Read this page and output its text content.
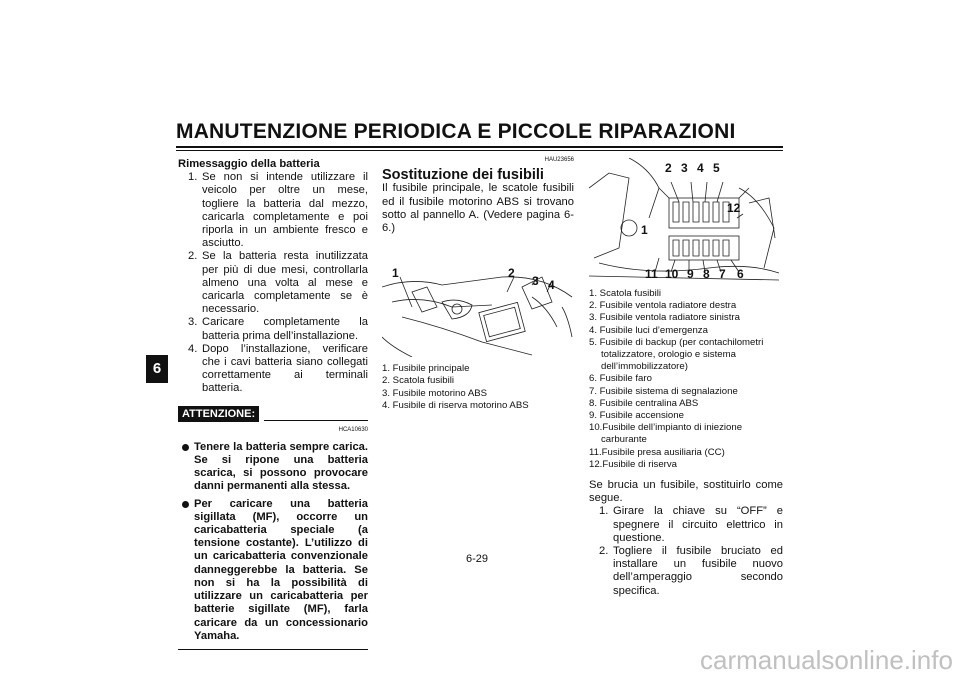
MANUTENZIONE PERIODICA E PICCOLE RIPARAZIONI
6
Rimessaggio della batteria
1. Se non si intende utilizzare il veicolo per oltre un mese, togliere la batteria dal mezzo, caricarla completamente e poi riporla in un ambiente fresco e asciutto.
2. Se la batteria resta inutilizzata per più di due mesi, controllarla almeno una volta al mese e caricarla completamente se è necessario.
3. Caricare completamente la batteria prima dell’installazione.
4. Dopo l’installazione, verificare che i cavi batteria siano collegati correttamente ai terminali batteria.
ATTENZIONE:
HCA10630
Tenere la batteria sempre carica. Se si ripone una batteria scarica, si possono provocare danni permanenti alla stessa.
Per caricare una batteria sigillata (MF), occorre un caricabatteria speciale (a tensione costante). L’utilizzo di un caricabatteria convenzionale danneggerebbe la batteria. Se non si ha la possibilità di utilizzare un caricabatteria per batterie sigillate (MF), farla caricare da un concessionario Yamaha.
HAU23656
Sostituzione dei fusibili
Il fusibile principale, le scatole fusibili ed il fusibile motorino ABS si trovano sotto al pannello A. (Vedere pagina 6-6.)
1	2
3 4
1. Fusibile principale
2. Scatola fusibili
3. Fusibile motorino ABS
4. Fusibile di riserva motorino ABS
2 3 4 5
1
12
11 10 9 8 7 6
1. Scatola fusibili
2. Fusibile ventola radiatore destra
3. Fusibile ventola radiatore sinistra
4. Fusibile luci d’emergenza
5. Fusibile di backup (per contachilometri totalizzatore, orologio e sistema dell’immobilizzatore)
6. Fusibile faro
7. Fusibile sistema di segnalazione
8. Fusibile centralina ABS
9. Fusibile accensione
10.Fusibile dell’impianto di iniezione carburante
11.Fusibile presa ausiliaria (CC)
12.Fusibile di riserva
Se brucia un fusibile, sostituirlo come segue.
1. Girare la chiave su “OFF” e spegnere il circuito elettrico in questione.
2. Togliere il fusibile bruciato ed installare un fusibile nuovo dell’amperaggio secondo specifica.
6-29
carmanualsonline.info
